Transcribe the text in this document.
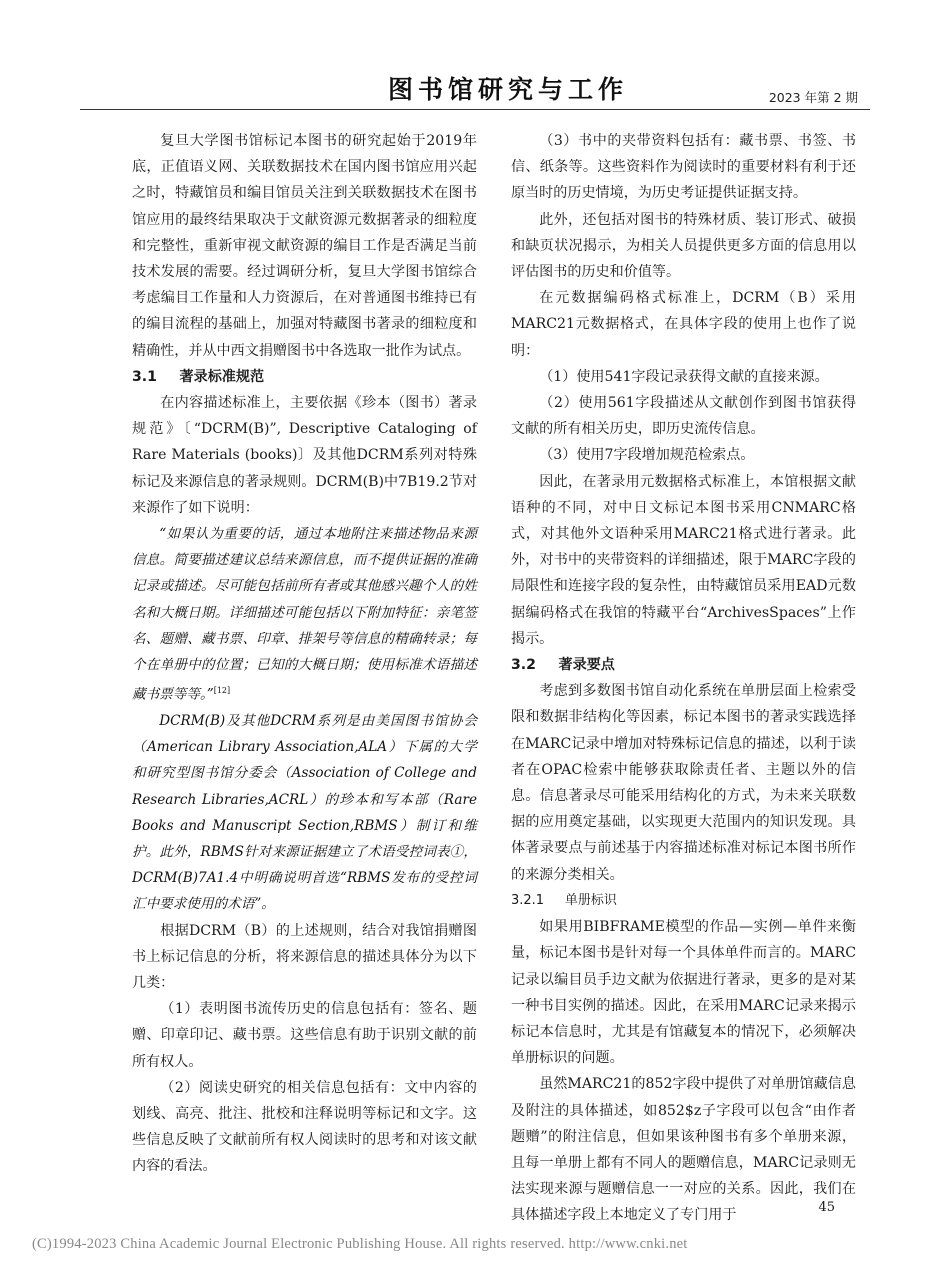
图书馆研究与工作	2023 年第 2 期

复旦大学图书馆标记本图书的研究起始于2019年底，正值语义网、关联数据技术在国内图书馆应用兴起之时，特藏馆员和编目馆员关注到关联数据技术在图书馆应用的最终结果取决于文献资源元数据著录的细粒度和完整性，重新审视文献资源的编目工作是否满足当前技术发展的需要。经过调研分析，复旦大学图书馆综合考虑编目工作量和人力资源后，在对普通图书维持已有的编目流程的基础上，加强对特藏图书著录的细粒度和精确性，并从中西文捐赠图书中各选取一批作为试点。

3.1 著录标准规范

在内容描述标准上，主要依据《珍本（图书）著录规范》〔“DCRM(B)”, Descriptive Cataloging of Rare Materials (books)〕及其他DCRM系列对特殊标记及来源信息的著录规则。DCRM(B)中7B19.2节对来源作了如下说明：

“如果认为重要的话，通过本地附注来描述物品来源信息。简要描述建议总结来源信息，而不提供证据的准确记录或描述。尽可能包括前所有者或其他感兴趣个人的姓名和大概日期。详细描述可能包括以下附加特征：亲笔签名、题赠、藏书票、印章、排架号等信息的精确转录；每个在单册中的位置；已知的大概日期；使用标准术语描述藏书票等等。”[12]

DCRM(B)及其他DCRM系列是由美国图书馆协会（American Library Association,ALA）下属的大学和研究型图书馆分委会（Association of College and Research Libraries,ACRL）的珍本和写本部（Rare Books and Manuscript Section,RBMS）制订和维护。此外，RBMS针对来源证据建立了术语受控词表①，DCRM(B)7A1.4中明确说明首选“RBMS发布的受控词汇中要求使用的术语”。

根据DCRM（B）的上述规则，结合对我馆捐赠图书上标记信息的分析，将来源信息的描述具体分为以下几类：

（1）表明图书流传历史的信息包括有：签名、题赠、印章印记、藏书票。这些信息有助于识别文献的前所有权人。

（2）阅读史研究的相关信息包括有：文中内容的划线、高亮、批注、批校和注释说明等标记和文字。这些信息反映了文献前所有权人阅读时的思考和对该文献内容的看法。

（3）书中的夹带资料包括有：藏书票、书签、书信、纸条等。这些资料作为阅读时的重要材料有利于还原当时的历史情境，为历史考证提供证据支持。

此外，还包括对图书的特殊材质、装订形式、破损和缺页状况揭示，为相关人员提供更多方面的信息用以评估图书的历史和价值等。

在元数据编码格式标准上，DCRM（B）采用MARC21元数据格式，在具体字段的使用上也作了说明：

（1）使用541字段记录获得文献的直接来源。

（2）使用561字段描述从文献创作到图书馆获得文献的所有相关历史，即历史流传信息。

（3）使用7字段增加规范检索点。

因此，在著录用元数据格式标准上，本馆根据文献语种的不同，对中日文标记本图书采用CNMARC格式，对其他外文语种采用MARC21格式进行著录。此外，对书中的夹带资料的详细描述，限于MARC字段的局限性和连接字段的复杂性，由特藏馆员采用EAD元数据编码格式在我馆的特藏平台“ArchivesSpaces”上作揭示。

3.2 著录要点

考虑到多数图书馆自动化系统在单册层面上检索受限和数据非结构化等因素，标记本图书的著录实践选择在MARC记录中增加对特殊标记信息的描述，以利于读者在OPAC检索中能够获取除责任者、主题以外的信息。信息著录尽可能采用结构化的方式，为未来关联数据的应用奠定基础，以实现更大范围内的知识发现。具体著录要点与前述基于内容描述标准对标记本图书所作的来源分类相关。

3.2.1 单册标识

如果用BIBFRAME模型的作品—实例—单件来衡量，标记本图书是针对每一个具体单件而言的。MARC记录以编目员手边文献为依据进行著录，更多的是对某一种书目实例的描述。因此，在采用MARC记录来揭示标记本信息时，尤其是有馆藏复本的情况下，必须解决单册标识的问题。

虽然MARC21的852字段中提供了对单册馆藏信息及附注的具体描述，如852$z子字段可以包含“由作者题赠”的附注信息，但如果该种图书有多个单册来源，且每一单册上都有不同人的题赠信息，MARC记录则无法实现来源与题赠信息一一对应的关系。因此，我们在具体描述字段上本地定义了专门用于	45
(C)1994-2023 China Academic Journal Electronic Publishing House. All rights reserved. http://www.cnki.net
